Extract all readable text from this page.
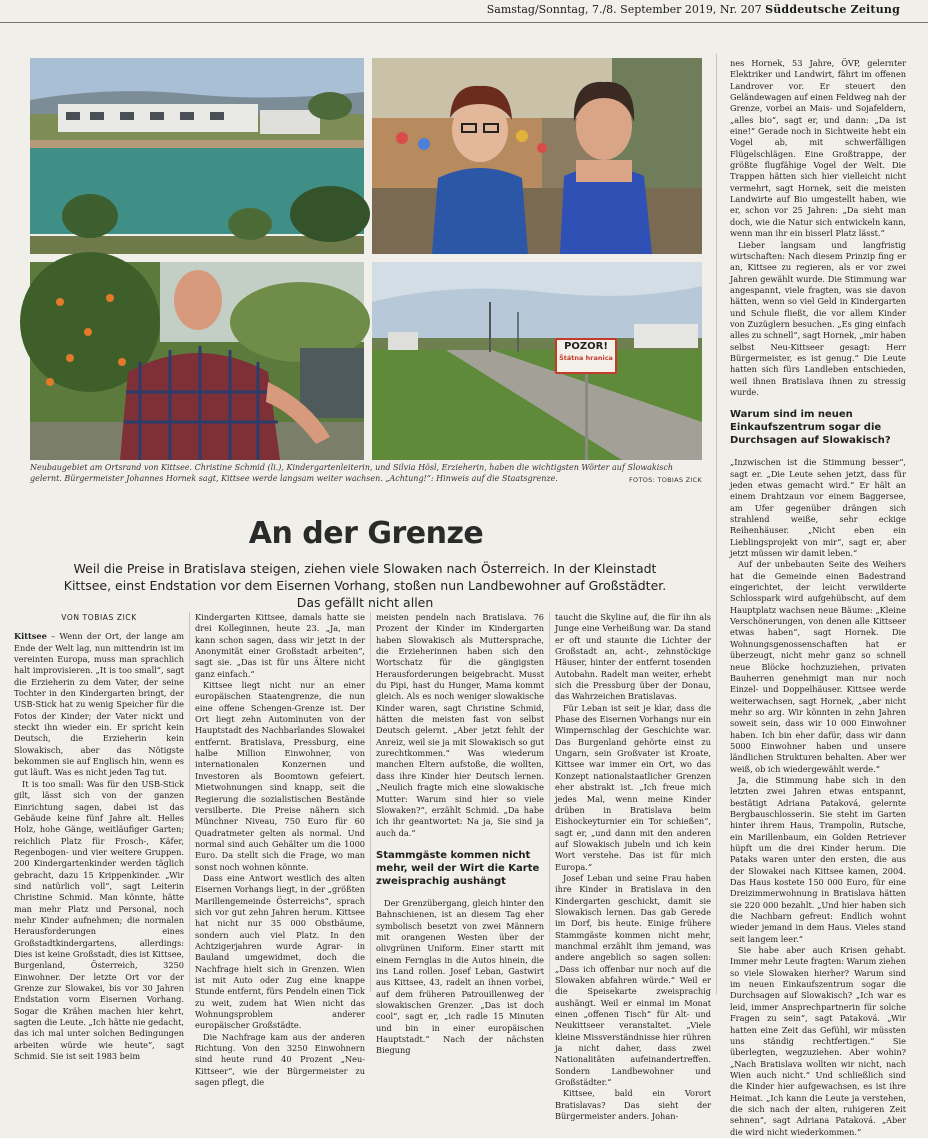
Samstag/Sonntag, 7./8. September 2019, Nr. 207 Süddeutsche Zeitung
POZOR!
Štátna hranica
Neubaugebiet am Ortsrand von Kittsee. Christine Schmid (li.), Kindergartenleiterin, und Silvia Hösl, Erzieherin, haben die wichtigsten Wörter auf Slowakisch gelernt. Bürgermeister Johannes Hornek sagt, Kittsee werde langsam weiter wachsen. „Achtung!“: Hinweis auf die Staatsgrenze.	FOTOS: TOBIAS ZICK
An der Grenze
Weil die Preise in Bratislava steigen, ziehen viele Slowaken nach Österreich. In der Kleinstadt Kittsee, einst Endstation vor dem Eisernen Vorhang, stoßen nun Landbewohner auf Großstädter. Das gefällt nicht allen
VON TOBIAS ZICK

Kittsee – Wenn der Ort, der lange am Ende der Welt lag, nun mittendrin ist im vereinten Europa, muss man sprachlich halt improvisieren. „It is too small“, sagt die Erzieherin zu dem Vater, der seine Tochter in den Kindergarten bringt, der USB-Stick hat zu wenig Speicher für die Fotos der Kinder; der Vater nickt und steckt ihn wieder ein. Er spricht kein Deutsch, die Erzieherin kein Slowakisch, aber das Nötigste bekommen sie auf Englisch hin, wenn es gut läuft. Was es nicht jeden Tag tut.

It is too small: Was für den USB-Stick gilt, lässt sich von der ganzen Einrichtung sagen, dabei ist das Gebäude keine fünf Jahre alt. Helles Holz, hohe Gänge, weitläufiger Garten; reichlich Platz für Frosch-, Käfer, Regenbogen- und vier weitere Gruppen. 200 Kindergartenkinder werden täglich gebracht, dazu 15 Krippenkinder. „Wir sind natürlich voll“, sagt Leiterin Christine Schmid. Man könnte, hätte man mehr Platz und Personal, noch mehr Kinder aufnehmen; die normalen Herausforderungen eines Großstadtkindergartens, allerdings: Dies ist keine Großstadt, dies ist Kittsee, Burgenland, Österreich, 3250 Einwohner. Der letzte Ort vor der Grenze zur Slowakei, bis vor 30 Jahren Endstation vorm Eisernen Vorhang. Sogar die Krähen machen hier kehrt, sagten die Leute. „Ich hätte nie gedacht, das ich mal unter solchen Bedingungen arbeiten würde wie heute“, sagt Schmid. Sie ist seit 1983 beim

Kindergarten Kittsee, damals hatte sie drei Kolleginnen, heute 23. „Ja, man kann schon sagen, dass wir jetzt in der Anonymität einer Großstadt arbeiten“, sagt sie. „Das ist für uns Ältere nicht ganz einfach.“

Kittsee liegt nicht nur an einer europäischen Staatengrenze, die nun eine offene Schengen-Grenze ist. Der Ort liegt zehn Autominuten von der Hauptstadt des Nachbarlandes Slowakei entfernt. Bratislava, Pressburg, eine halbe Million Einwohner, von internationalen Konzernen und Investoren als Boomtown gefeiert. Mietwohnungen sind knapp, seit die Regierung die sozialistischen Bestände versilberte. Die Preise nähern sich Münchner Niveau, 750 Euro für 60 Quadratmeter gelten als normal. Und normal sind auch Gehälter um die 1000 Euro. Da stellt sich die Frage, wo man sonst noch wohnen könnte.

Dass eine Antwort westlich des alten Eisernen Vorhangs liegt, in der „größten Marillengemeinde Österreichs“, sprach sich vor gut zehn Jahren herum. Kittsee hat nicht nur 35 000 Obstbäume, sondern auch viel Platz. In den Achtzigerjahren wurde Agrar- in Bauland umgewidmet, doch die Nachfrage hielt sich in Grenzen. Wien ist mit Auto oder Zug eine knappe Stunde entfernt, fürs Pendeln einen Tick zu weit, zudem hat Wien nicht das Wohnungsproblem anderer europäischer Großstädte.

Die Nachfrage kam aus der anderen Richtung. Von den 3250 Einwohnern sind heute rund 40 Prozent „Neu-Kittseer“, wie der Bürgermeister zu sagen pflegt, die

meisten pendeln nach Bratislava. 76 Prozent der Kinder im Kindergarten haben Slowakisch als Muttersprache, die Erzieherinnen haben sich den Wortschatz für die gängigsten Herausforderungen beigebracht. Musst du Pipi, hast du Hunger, Mama kommt gleich. Als es noch weniger slowakische Kinder waren, sagt Christine Schmid, hätten die meisten fast von selbst Deutsch gelernt. „Aber jetzt fehlt der Anreiz, weil sie ja mit Slowakisch so gut zurechtkommen.“ Was wiederum manchen Eltern aufstoße, die wollten, dass ihre Kinder hier Deutsch lernen. „Neulich fragte mich eine slowakische Mutter: Warum sind hier so viele Slowaken?“, erzählt Schmid. „Da habe ich ihr geantwortet: Na ja, Sie sind ja auch da.“

Stammgäste kommen nicht mehr, weil der Wirt die Karte zweisprachig aushängt

Der Grenzübergang, gleich hinter den Bahnschienen, ist an diesem Tag eher symbolisch besetzt von zwei Männern mit orangenen Westen über der olivgrünen Uniform. Einer startt mit einem Fernglas in die Autos hinein, die ins Land rollen. Josef Leban, Gastwirt aus Kittsee, 43, radelt an ihnen vorbei, auf dem früheren Patrouillenweg der slowakischen Grenzer. „Das ist doch cool“, sagt er, „ich radle 15 Minuten und bin in einer europäischen Hauptstadt.“ Nach der nächsten Biegung

taucht die Skyline auf, die für ihn als Junge eine Verheißung war. Da stand er oft und staunte die Lichter der Großstadt an, acht-, zehnstöckige Häuser, hinter der entfernt tosenden Autobahn. Radelt man weiter, erhebt sich die Pressburg über der Donau, das Wahrzeichen Bratislavas.

Für Leban ist seit je klar, dass die Phase des Eisernen Vorhangs nur ein Wimpernschlag der Geschichte war. Das Burgenland gehörte einst zu Ungarn, sein Großvater ist Kroate, Kittsee war immer ein Ort, wo das Konzept nationalstaatlicher Grenzen eher abstrakt ist. „Ich freue mich jedes Mal, wenn meine Kinder drüben in Bratislava beim Eishockeyturnier ein Tor schießen“, sagt er, „und dann mit den anderen auf Slowakisch jubeln und ich kein Wort verstehe. Das ist für mich Europa.“

Josef Leban und seine Frau haben ihre Kinder in Bratislava in den Kindergarten geschickt, damit sie Slowakisch lernen. Das gab Gerede im Dorf, bis heute. Einige frühere Stammgäste kommen nicht mehr, manchmal erzählt ihm jemand, was andere angeblich so sagen sollen: „Dass ich offenbar nur noch auf die Slowaken abfahren würde.“ Weil er die Speisekarte zweisprachig aushängt. Weil er einmal im Monat einen „offenen Tisch“ für Alt- und Neukittseer veranstaltet. „Viele kleine Missverständnisse hier rühren ja nicht daher, dass zwei Nationalitäten aufeinandertreffen. Sondern Landbewohner und Großstädter.“

Kittsee, bald ein Vorort Bratislavas? Das sieht der Bürgermeister anders. Johan-

nes Hornek, 53 Jahre, ÖVP, gelernter Elektriker und Landwirt, fährt im offenen Landrover vor. Er steuert den Geländewagen auf einen Feldweg nah der Grenze, vorbei an Mais- und Sojafeldern, „alles bio“, sagt er, und dann: „Da ist eine!“ Gerade noch in Sichtweite hebt ein Vogel ab, mit schwerfälligen Flügelschlägen. Eine Großtrappe, der größte flugfähige Vogel der Welt. Die Trappen hätten sich hier vielleicht nicht vermehrt, sagt Hornek, seit die meisten Landwirte auf Bio umgestellt haben, wie er, schon vor 25 Jahren: „Da sieht man doch, wie die Natur sich entwickeln kann, wenn man ihr ein bisserl Platz lässt.“

Lieber langsam und langfristig wirtschaften: Nach diesem Prinzip fing er an, Kittsee zu regieren, als er vor zwei Jahren gewählt wurde. Die Stimmung war angespannt, viele fragten, was sie davon hätten, wenn so viel Geld in Kindergarten und Schule fließt, die vor allem Kinder von Zuzüglern besuchen. „Es ging einfach alles zu schnell“, sagt Hornek, „mir haben selbst Neu-Kittseer gesagt: Herr Bürgermeister, es ist genug.“ Die Leute hatten sich fürs Landleben entschieden, weil ihnen Bratislava ihnen zu stressig wurde.

Warum sind im neuen Einkaufszentrum sogar die Durchsagen auf Slowakisch?

„Inzwischen ist die Stimmung besser“, sagt er. „Die Leute sehen jetzt, dass für jeden etwas gemacht wird.“ Er hält an einem Drahtzaun vor einem Baggersee, am Ufer gegenüber drängen sich strahlend weiße, sehr eckige Reihenhäuser. „Nicht eben ein Lieblingsprojekt von mir“, sagt er, aber jetzt müssen wir damit leben.“

Auf der unbebauten Seite des Weihers hat die Gemeinde einen Badestrand eingerichtet, der leicht verwilderte Schlosspark wird aufgehübscht, auf dem Hauptplatz wachsen neue Bäume: „Kleine Verschönerungen, von denen alle Kittseer etwas haben“, sagt Hornek. Die Wohnungsgenossenschaften hat er überzeugt, nicht mehr ganz so schnell neue Blöcke hochzuziehen, privaten Bauherren genehmigt man nur noch Einzel- und Doppelhäuser. Kittsee werde weiterwachsen, sagt Hornek, „aber nicht mehr so arg. Wir könnten in zehn Jahren soweit sein, dass wir 10 000 Einwohner haben. Ich bin eher dafür, dass wir dann 5000 Einwohner haben und unsere ländlichen Strukturen behalten. Aber wer weiß, ob ich wiedergewählt werde.“

Ja, die Stimmung habe sich in den letzten zwei Jahren etwas entspannt, bestätigt Adriana Pataková, gelernte Bergbauschlosserin. Sie steht im Garten hinter ihrem Haus, Trampolin, Rutsche, ein Marillenbaum, ein Golden Retriever hüpft um die drei Kinder herum. Die Pataks waren unter den ersten, die aus der Slowakei nach Kittsee kamen, 2004. Das Haus kostete 150 000 Euro, für eine Dreizimmerwohnung in Bratislava hätten sie 220 000 bezahlt. „Und hier haben sich die Nachbarn gefreut: Endlich wohnt wieder jemand in dem Haus. Vieles stand seit langem leer.“

Sie habe aber auch Krisen gehabt. Immer mehr Leute fragten: Warum ziehen so viele Slowaken hierher? Warum sind im neuen Einkaufszentrum sogar die Durchsagen auf Slowakisch? „Ich war es leid, immer Ansprechpartnerin für solche Fragen zu sein“, sagt Pataková. „Wir hatten eine Zeit das Gefühl, wir müssten uns ständig rechtfertigen.“ Sie überlegten, wegzuziehen. Aber wohin? „Nach Bratislava wollten wir nicht, nach Wien auch nicht.“ Und schließlich sind die Kinder hier aufgewachsen, es ist ihre Heimat. „Ich kann die Leute ja verstehen, die sich nach der alten, ruhigeren Zeit sehnen“, sagt Adriana Pataková. „Aber die wird nicht wiederkommen.“
